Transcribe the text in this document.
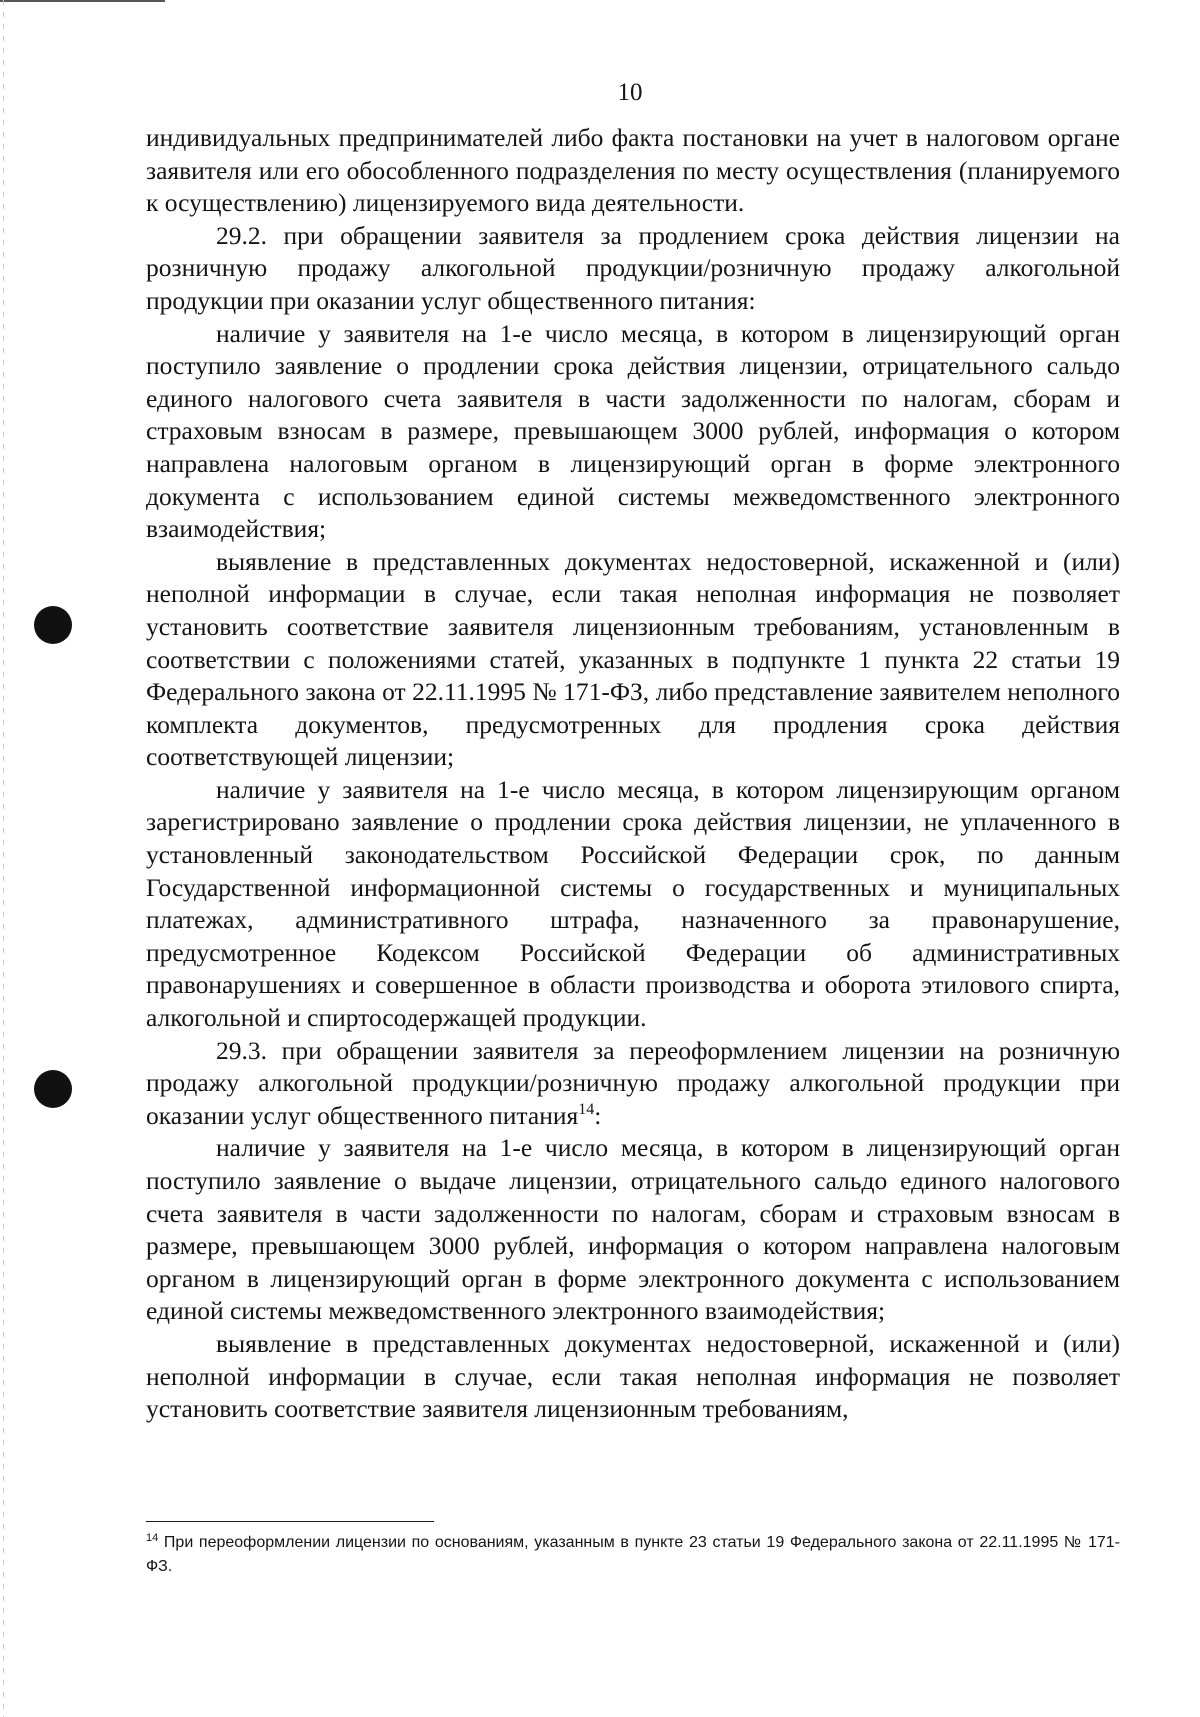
10

индивидуальных предпринимателей либо факта постановки на учет в налоговом органе заявителя или его обособленного подразделения по месту осуществления (планируемого к осуществлению) лицензируемого вида деятельности.

29.2. при обращении заявителя за продлением срока действия лицензии на розничную продажу алкогольной продукции/розничную продажу алкогольной продукции при оказании услуг общественного питания:

наличие у заявителя на 1-е число месяца, в котором в лицензирующий орган поступило заявление о продлении срока действия лицензии, отрицательного сальдо единого налогового счета заявителя в части задолженности по налогам, сборам и страховым взносам в размере, превышающем 3000 рублей, информация о котором направлена налоговым органом в лицензирующий орган в форме электронного документа с использованием единой системы межведомственного электронного взаимодействия;

выявление в представленных документах недостоверной, искаженной и (или) неполной информации в случае, если такая неполная информация не позволяет установить соответствие заявителя лицензионным требованиям, установленным в соответствии с положениями статей, указанных в подпункте 1 пункта 22 статьи 19 Федерального закона от 22.11.1995 № 171-ФЗ, либо представление заявителем неполного комплекта документов, предусмотренных для продления срока действия соответствующей лицензии;

наличие у заявителя на 1-е число месяца, в котором лицензирующим органом зарегистрировано заявление о продлении срока действия лицензии, не уплаченного в установленный законодательством Российской Федерации срок, по данным Государственной информационной системы о государственных и муниципальных платежах, административного штрафа, назначенного за правонарушение, предусмотренное Кодексом Российской Федерации об административных правонарушениях и совершенное в области производства и оборота этилового спирта, алкогольной и спиртосодержащей продукции.

29.3. при обращении заявителя за переоформлением лицензии на розничную продажу алкогольной продукции/розничную продажу алкогольной продукции при оказании услуг общественного питания$^{14}$:

наличие у заявителя на 1-е число месяца, в котором в лицензирующий орган поступило заявление о выдаче лицензии, отрицательного сальдо единого налогового счета заявителя в части задолженности по налогам, сборам и страховым взносам в размере, превышающем 3000 рублей, информация о котором направлена налоговым органом в лицензирующий орган в форме электронного документа с использованием единой системы межведомственного электронного взаимодействия;

выявление в представленных документах недостоверной, искаженной и (или) неполной информации в случае, если такая неполная информация не позволяет установить соответствие заявителя лицензионным требованиям,

$^{14}$ При переоформлении лицензии по основаниям, указанным в пункте 23 статьи 19 Федерального закона от 22.11.1995 № 171-ФЗ.
